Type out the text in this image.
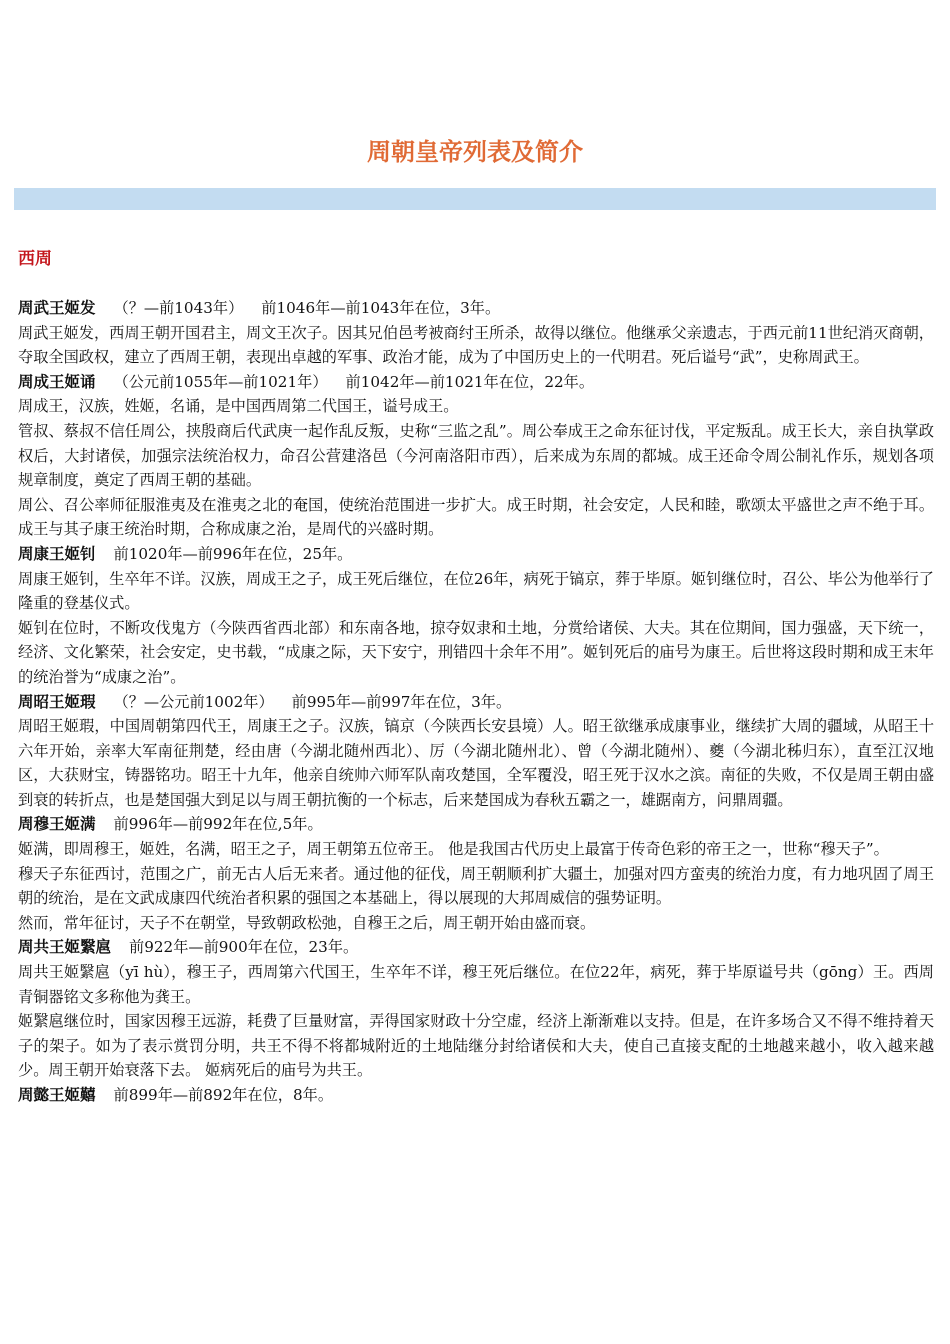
周朝皇帝列表及简介
西周
周武王姬发 （？—前1043年） 前1046年—前1043年在位，3年。

周武王姬发，西周王朝开国君主，周文王次子。因其兄伯邑考被商纣王所杀，故得以继位。他继承父亲遗志，于西元前11世纪消灭商朝，夺取全国政权，建立了西周王朝，表现出卓越的军事、政治才能，成为了中国历史上的一代明君。死后谥号“武”，史称周武王。

周成王姬诵 （公元前1055年—前1021年） 前1042年—前1021年在位，22年。

周成王，汉族，姓姬，名诵，是中国西周第二代国王，谥号成王。

管叔、蔡叔不信任周公，挟殷商后代武庚一起作乱反叛，史称“三监之乱”。周公奉成王之命东征讨伐，平定叛乱。成王长大，亲自执掌政权后，大封诸侯，加强宗法统治权力，命召公营建洛邑（今河南洛阳市西），后来成为东周的都城。成王还命令周公制礼作乐，规划各项规章制度，奠定了西周王朝的基础。

周公、召公率师征服淮夷及在淮夷之北的奄国，使统治范围进一步扩大。成王时期，社会安定，人民和睦，歌颂太平盛世之声不绝于耳。成王与其子康王统治时期，合称成康之治，是周代的兴盛时期。

周康王姬钊 前1020年—前996年在位，25年。

周康王姬钊，生卒年不详。汉族，周成王之子，成王死后继位，在位26年，病死于镐京，葬于毕原。姬钊继位时，召公、毕公为他举行了隆重的登基仪式。

姬钊在位时，不断攻伐鬼方（今陕西省西北部）和东南各地，掠夺奴隶和土地，分赏给诸侯、大夫。其在位期间，国力强盛，天下统一，经济、文化繁荣，社会安定，史书载，“成康之际，天下安宁，刑错四十余年不用”。姬钊死后的庙号为康王。后世将这段时期和成王末年的统治誉为“成康之治”。

周昭王姬瑕 （？—公元前1002年） 前995年—前997年在位，3年。

周昭王姬瑕，中国周朝第四代王，周康王之子。汉族，镐京（今陕西长安县境）人。昭王欲继承成康事业，继续扩大周的疆域，从昭王十六年开始，亲率大军南征荆楚，经由唐（今湖北随州西北）、厉（今湖北随州北）、曾（今湖北随州）、夔（今湖北秭归东），直至江汉地区，大获财宝，铸器铭功。昭王十九年，他亲自统帅六师军队南攻楚国，全军覆没，昭王死于汉水之滨。南征的失败，不仅是周王朝由盛到衰的转折点，也是楚国强大到足以与周王朝抗衡的一个标志，后来楚国成为春秋五霸之一，雄踞南方，问鼎周疆。

周穆王姬满 前996年—前992年在位,5年。

姬满，即周穆王，姬姓，名满，昭王之子，周王朝第五位帝王。 他是我国古代历史上最富于传奇色彩的帝王之一，世称“穆天子”。

穆天子东征西讨，范围之广，前无古人后无来者。通过他的征伐，周王朝顺利扩大疆土，加强对四方蛮夷的统治力度，有力地巩固了周王朝的统治，是在文武成康四代统治者积累的强国之本基础上，得以展现的大邦周威信的强势证明。

然而，常年征讨，天子不在朝堂，导致朝政松弛，自穆王之后，周王朝开始由盛而衰。

周共王姬繄扈 前922年—前900年在位，23年。

周共王姬繄扈（yī hù），穆王子，西周第六代国王，生卒年不详，穆王死后继位。在位22年，病死，葬于毕原谥号共（gōng）王。西周青铜器铭文多称他为龚王。

姬繄扈继位时，国家因穆王远游，耗费了巨量财富，弄得国家财政十分空虚，经济上渐渐难以支持。但是，在许多场合又不得不维持着天子的架子。如为了表示赏罚分明，共王不得不将都城附近的土地陆继分封给诸侯和大夫，使自己直接支配的土地越来越小，收入越来越少。周王朝开始衰落下去。 姬病死后的庙号为共王。

周懿王姬囏 前899年—前892年在位，8年。
